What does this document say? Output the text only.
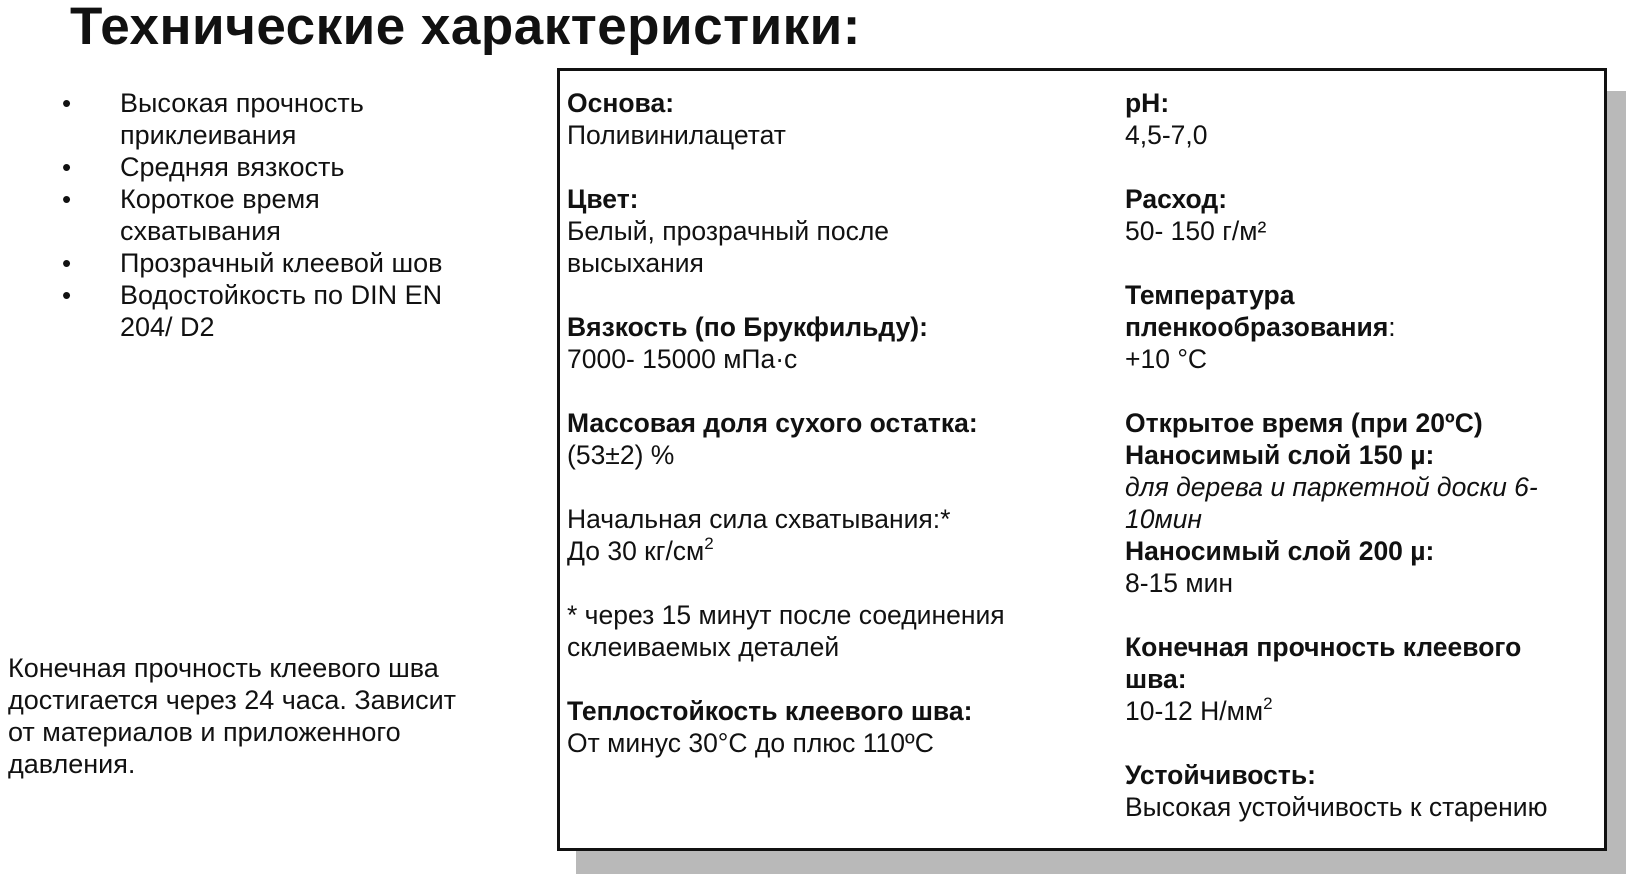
Технические характеристики:
• Высокая прочность приклеивания
• Средняя вязкость
• Короткое время схватывания
• Прозрачный клеевой шов
• Водостойкость по DIN EN 204/ D2

Конечная прочность клеевого шва достигается через 24 часа. Зависит от материалов и приложенного давления.

Основа:
Поливинилацетат
Цвет:
Белый, прозрачный после высыхания
Вязкость (по Брукфильду):
7000- 15000 мПа·с
Массовая доля сухого остатка:
(53±2) %
Начальная сила схватывания:*
До 30 $кг/см^2$
* через 15 минут после соединения склеиваемых деталей
Теплостойкость клеевого шва:
От минус 30°С до плюс 110ºС
pH:
4,5-7,0
Расход:
50- 150 г/м²
Температура пленкообразования:
+10 °С
Открытое время (при 20ºС)
Наносимый слой 150 µ:
для дерева и паркетной доски 6-10мин
Наносимый слой 200 µ:
8-15 мин
Конечная прочность клеевого шва:
10-12 $Н/мм^2$
Устойчивость:
Высокая устойчивость к старению
